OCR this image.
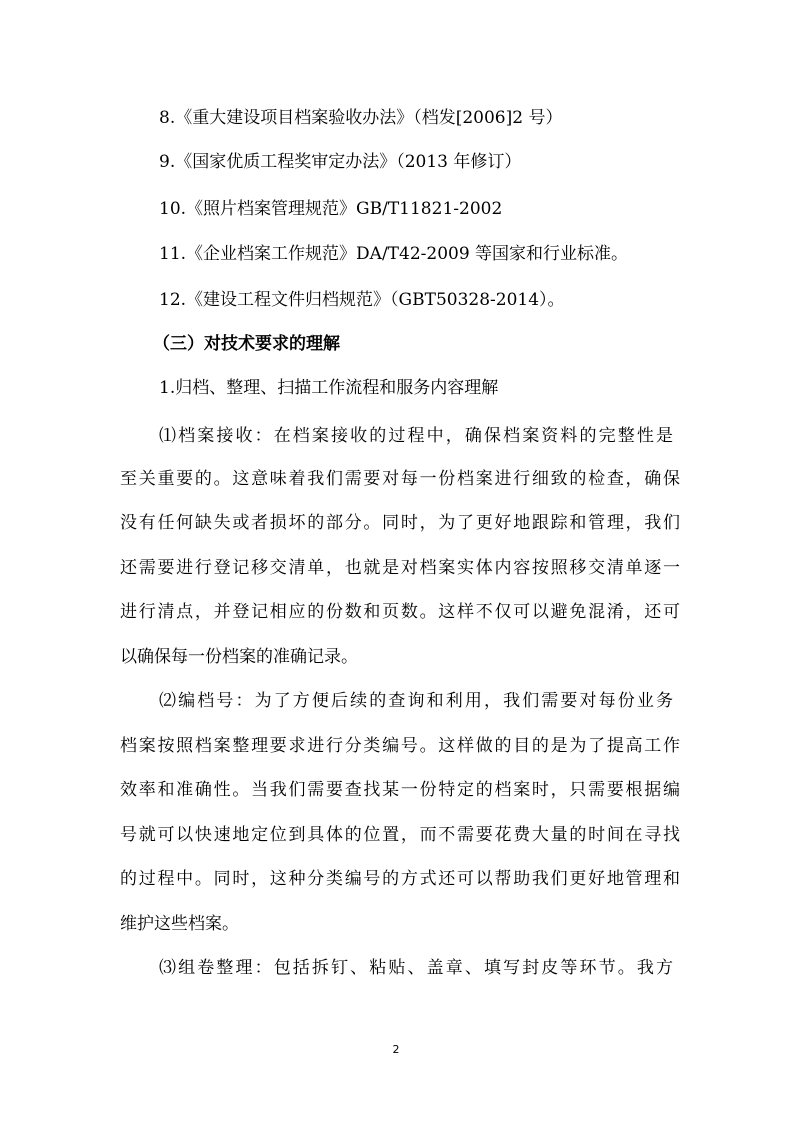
8.《重大建设项目档案验收办法》（档发[2006]2 号）
9.《国家优质工程奖审定办法》（2013 年修订）
10.《照片档案管理规范》GB/T11821-2002
11.《企业档案工作规范》DA/T42-2009 等国家和行业标准。
12.《建设工程文件归档规范》（GBT50328-2014）。
（三）对技术要求的理解
1.归档、整理、扫描工作流程和服务内容理解
⑴档案接收：在档案接收的过程中，确保档案资料的完整性是
至关重要的。这意味着我们需要对每一份档案进行细致的检查，确保
没有任何缺失或者损坏的部分。同时，为了更好地跟踪和管理，我们
还需要进行登记移交清单，也就是对档案实体内容按照移交清单逐一
进行清点，并登记相应的份数和页数。这样不仅可以避免混淆，还可
以确保每一份档案的准确记录。
⑵编档号：为了方便后续的查询和利用，我们需要对每份业务
档案按照档案整理要求进行分类编号。这样做的目的是为了提高工作
效率和准确性。当我们需要查找某一份特定的档案时，只需要根据编
号就可以快速地定位到具体的位置，而不需要花费大量的时间在寻找
的过程中。同时，这种分类编号的方式还可以帮助我们更好地管理和
维护这些档案。
⑶组卷整理：包括拆钉、粘贴、盖章、填写封皮等环节。我方
2
